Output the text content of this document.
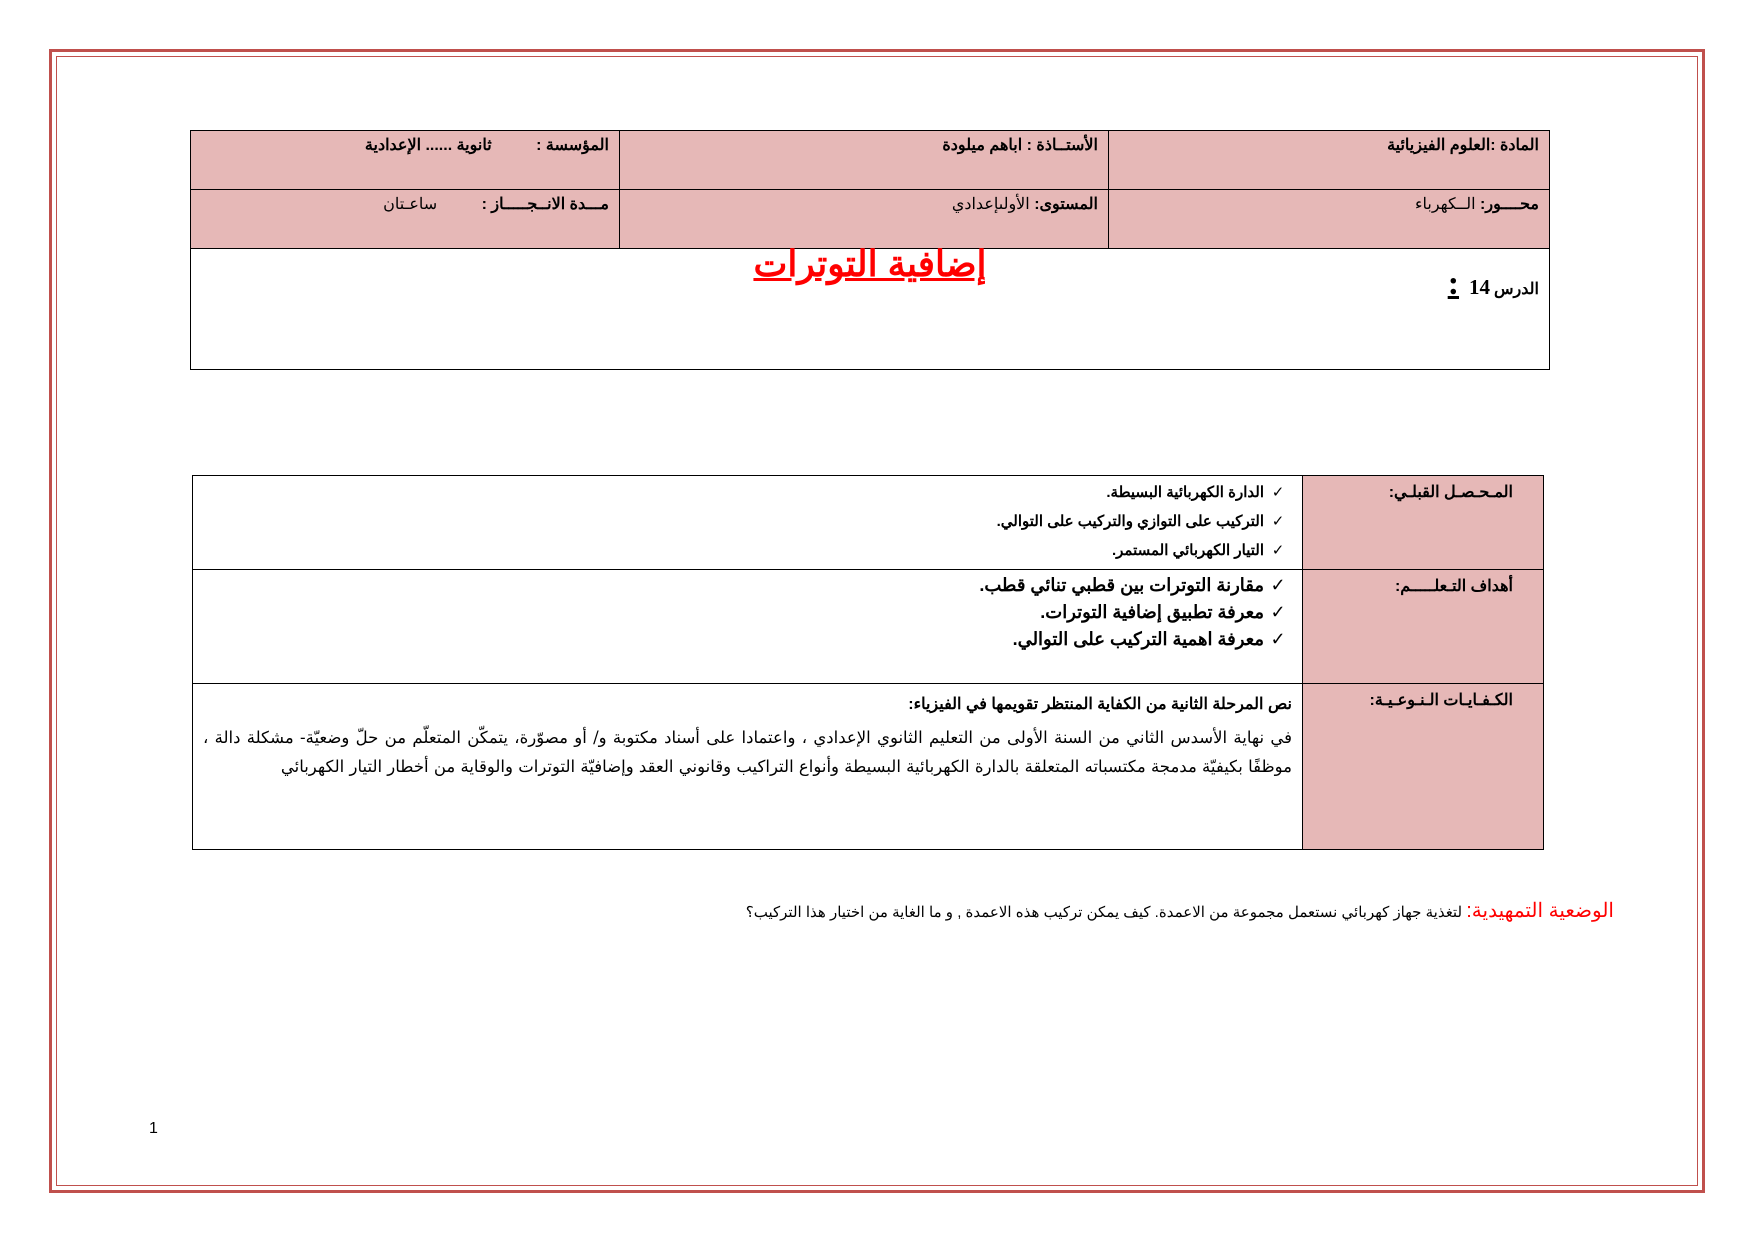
المادة :العلوم الفيزيائية	الأستــاذة : اباهم ميلودة	المؤسسة : ثانوية ...... الإعدادية
محــــور: الــكهرباء	المستوى: الأولىإعدادي	مـــدة الانــجـــــاز : ساعـتان
الدرس 14 :		
إضافية التوترات
المـحـصـل القبلـي:	✓الدارة الكهربائية البسيطة.
✓التركيب على التوازي والتركيب على التوالي.
✓التيار الكهربائي المستمر.

أهداف التـعلـــــم:	✓مقارنة التوترات بين قطبي تنائي قطب.
✓معرفة تطبيق إضافية التوترات.
✓معرفة اهمية التركيب على التوالي.

الكـفـايـات الـنـوعـيـة:	نص المرحلة الثانية من الكفاية المنتظر تقويمها في الفيزياء:
في نهاية الأسدس الثاني من السنة الأولى من التعليم الثانوي الإعدادي ، واعتمادا على أسناد مكتوبة و/ أو مصوّرة، يتمكّن المتعلّم من حلّ وضعيّة- مشكلة دالة ، موظفًا بكيفيّة مدمجة مكتسباته المتعلقة بالدارة الكهربائية البسيطة وأنواع التراكيب وقانوني العقد وإضافيّة التوترات والوقاية من أخطار التيار الكهربائي
الوضعية التمهيدية: لتغذية جهاز كهربائي نستعمل مجموعة من الاعمدة. كيف يمكن تركيب هذه الاعمدة , و ما الغاية من اختيار هذا التركيب؟
1
